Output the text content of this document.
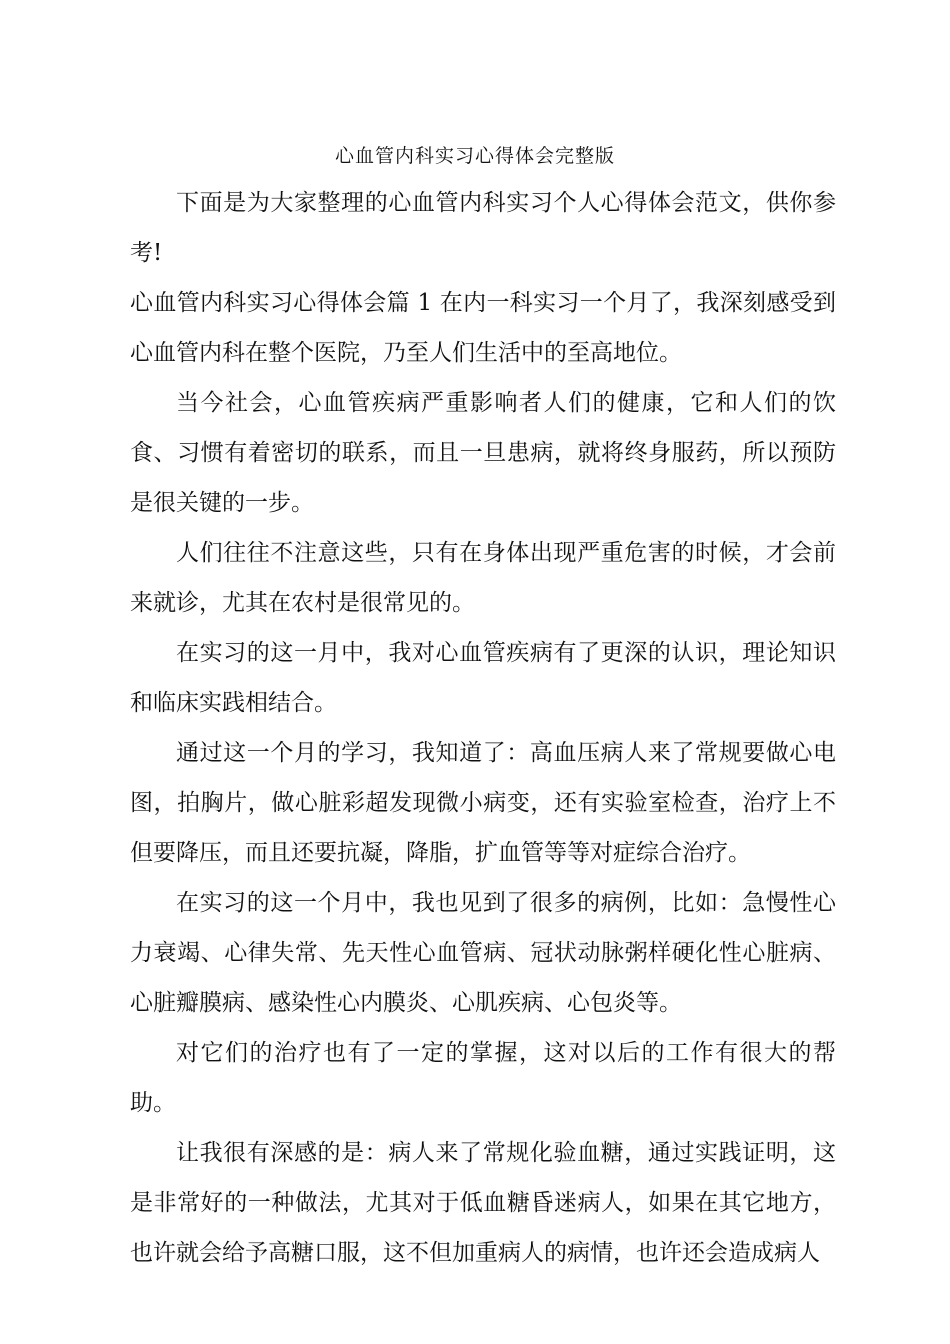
心血管内科实习心得体会完整版

下面是为大家整理的心血管内科实习个人心得体会范文，供你参考!

心血管内科实习心得体会篇 1 在内一科实习一个月了，我深刻感受到心血管内科在整个医院，乃至人们生活中的至高地位。

当今社会，心血管疾病严重影响者人们的健康，它和人们的饮食、习惯有着密切的联系，而且一旦患病，就将终身服药，所以预防是很关键的一步。

人们往往不注意这些，只有在身体出现严重危害的时候，才会前来就诊，尤其在农村是很常见的。

在实习的这一月中，我对心血管疾病有了更深的认识，理论知识和临床实践相结合。

通过这一个月的学习，我知道了：高血压病人来了常规要做心电图，拍胸片，做心脏彩超发现微小病变，还有实验室检查，治疗上不但要降压，而且还要抗凝，降脂，扩血管等等对症综合治疗。

在实习的这一个月中，我也见到了很多的病例，比如：急慢性心力衰竭、心律失常、先天性心血管病、冠状动脉粥样硬化性心脏病、心脏瓣膜病、感染性心内膜炎、心肌疾病、心包炎等。

对它们的治疗也有了一定的掌握，这对以后的工作有很大的帮助。

让我很有深感的是：病人来了常规化验血糖，通过实践证明，这是非常好的一种做法，尤其对于低血糖昏迷病人，如果在其它地方，也许就会给予高糖口服，这不但加重病人的病情，也许还会造成病人
